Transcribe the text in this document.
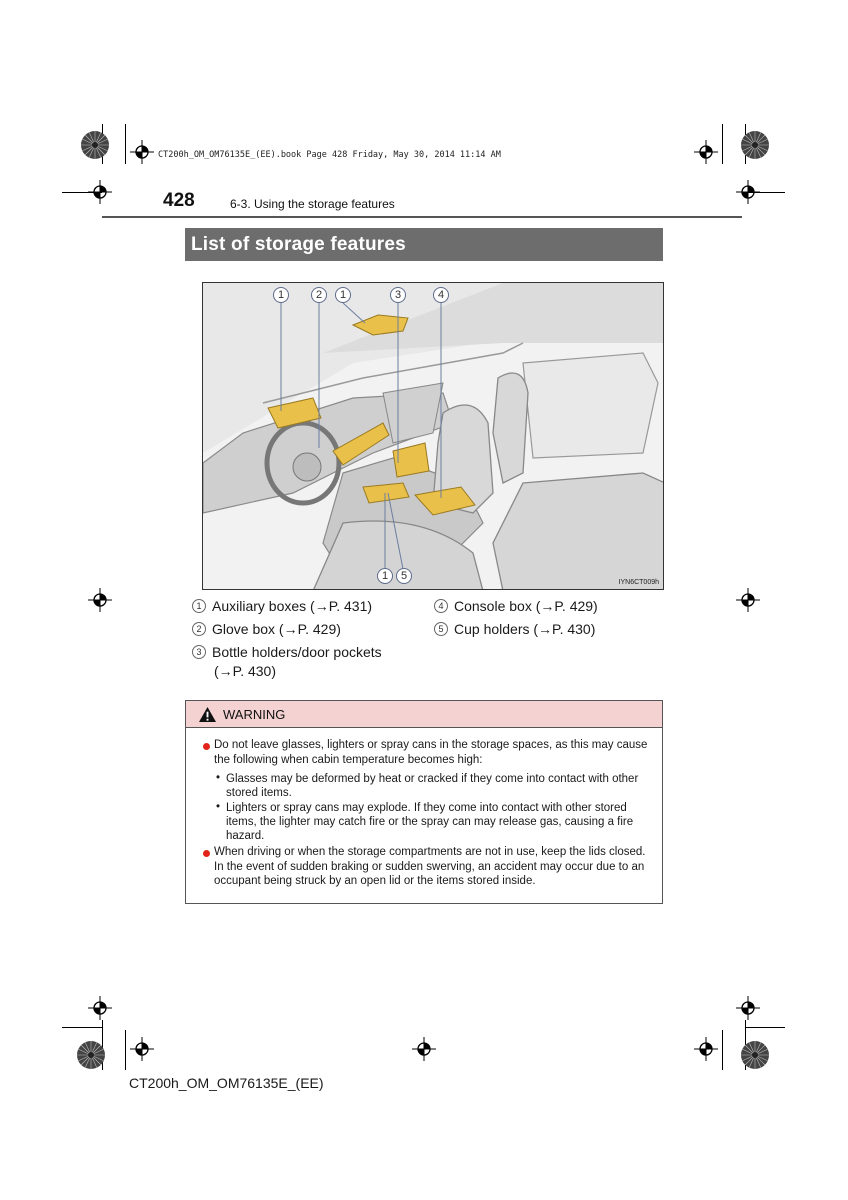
CT200h_OM_OM76135E_(EE).book Page 428 Friday, May 30, 2014 11:14 AM
428	6-3. Using the storage features
List of storage features
1	2	1	3	4
1	5
IYN6CT009h
1 Auxiliary boxes (→P. 431)
2 Glove box (→P. 429)
3 Bottle holders/door pockets
(→P. 430)
4 Console box (→P. 429)
5 Cup holders (→P. 430)
WARNING
Do not leave glasses, lighters or spray cans in the storage spaces, as this may cause
the following when cabin temperature becomes high:
• Glasses may be deformed by heat or cracked if they come into contact with other
stored items.
• Lighters or spray cans may explode. If they come into contact with other stored
items, the lighter may catch fire or the spray can may release gas, causing a fire
hazard.
When driving or when the storage compartments are not in use, keep the lids closed.
In the event of sudden braking or sudden swerving, an accident may occur due to an
occupant being struck by an open lid or the items stored inside.
CT200h_OM_OM76135E_(EE)
